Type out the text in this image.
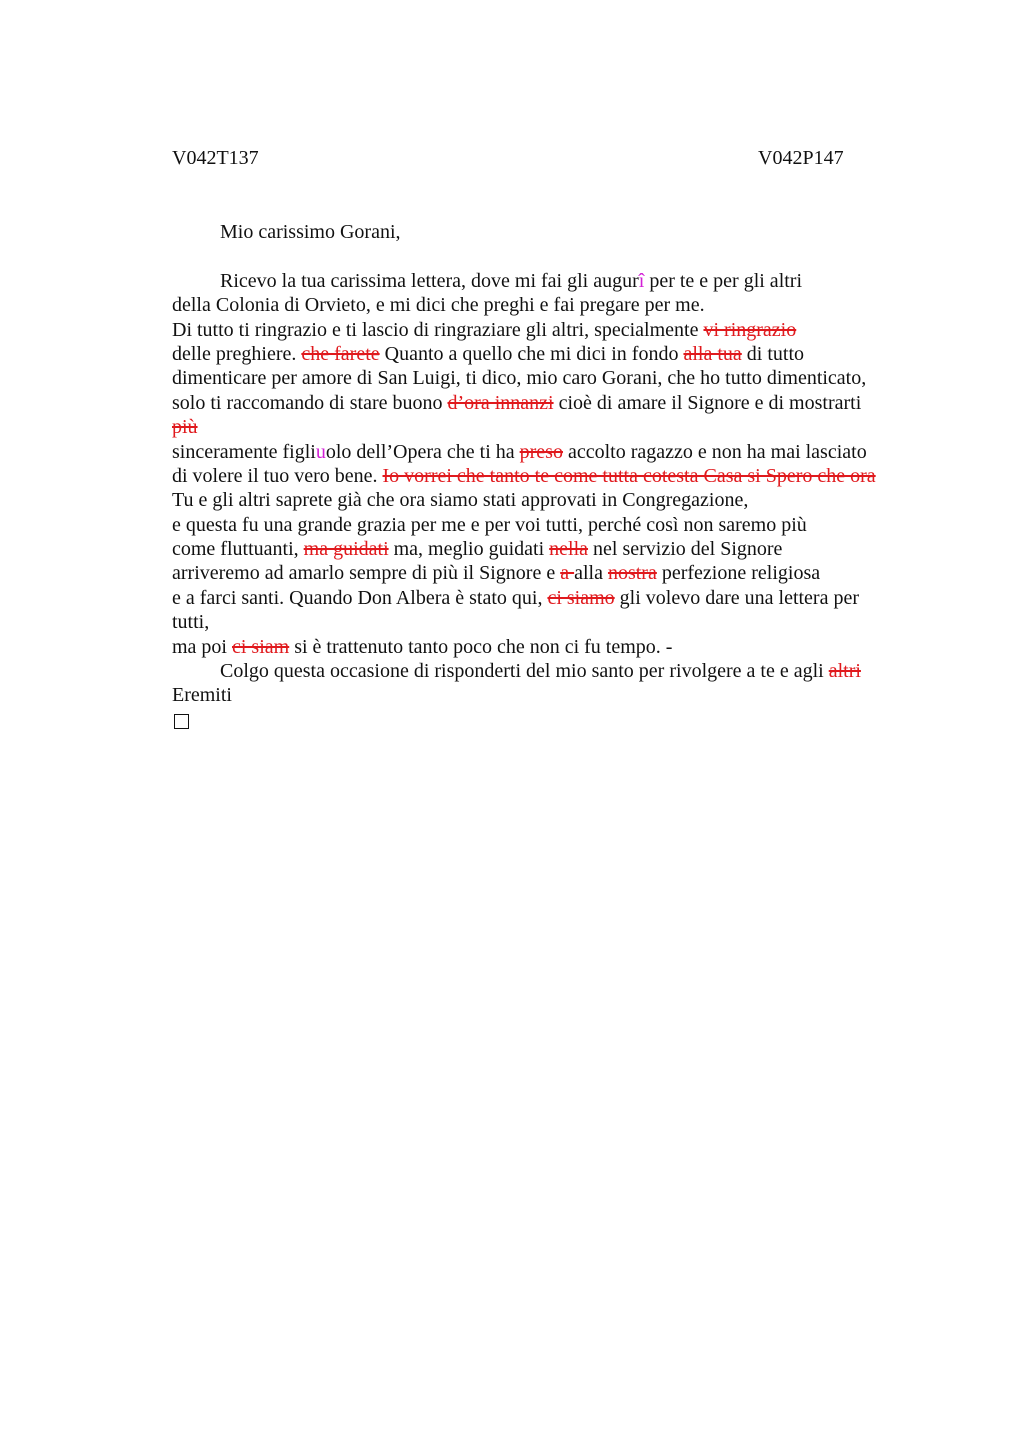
V042T137	V042P147
Mio carissimo Gorani,
Ricevo la tua carissima lettera, dove mi fai gli augurî per te e per gli altri
della Colonia di Orvieto, e mi dici che preghi e fai pregare per me.
Di tutto ti ringrazio e ti lascio di ringraziare gli altri, specialmente vi ringrazio
delle preghiere. che farete Quanto a quello che mi dici in fondo alla tua di tutto
dimenticare per amore di San Luigi, ti dico, mio caro Gorani, che ho tutto dimenticato,
solo ti raccomando di stare buono d’ora innanzi cioè di amare il Signore e di mostrarti
più
sinceramente figliuolo dell’Opera che ti ha preso accolto ragazzo e non ha mai lasciato
di volere il tuo vero bene. Io vorrei che tanto te come tutta cotesta Casa si Spero che ora
Tu e gli altri saprete già che ora siamo stati approvati in Congregazione,
e questa fu una grande grazia per me e per voi tutti, perché così non saremo più
come fluttuanti, ma guidati ma, meglio guidati nella nel servizio del Signore
arriveremo ad amarlo sempre di più il Signore e a alla nostra perfezione religiosa
e a farci santi. Quando Don Albera è stato qui, ci siamo gli volevo dare una lettera per
tutti,
ma poi ci siam si è trattenuto tanto poco che non ci fu tempo. -
Colgo questa occasione di risponderti del mio santo per rivolgere a te e agli altri
Eremiti
